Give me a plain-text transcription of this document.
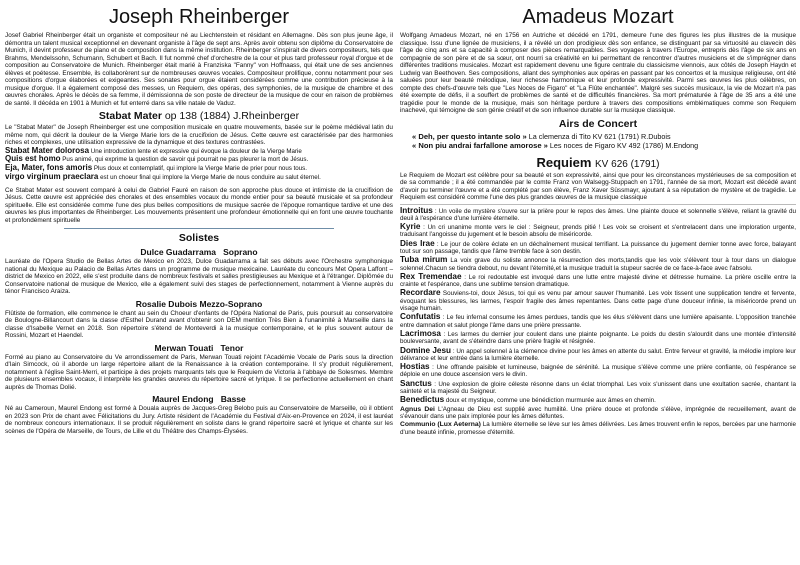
Joseph Rheinberger

Josef Gabriel Rheinberger était un organiste et compositeur né au Liechtenstein et résidant en Allemagne. Dès son plus jeune âge, il démontra un talent musical exceptionnel en devenant organiste à l'âge de sept ans. Après avoir obtenu son diplôme du Conservatoire de Munich, il devint professeur de piano et de composition dans la même institution. Rheinberger s'inspirait de divers compositeurs, tels que Brahms, Mendelssohn, Schumann, Schubert et Bach. Il fut nommé chef d'orchestre de la cour et plus tard professeur royal d'orgue et de composition au Conservatoire de Munich. Rheinberger était marié à Franziska "Fanny" von Hoffnaass, qui était une de ses anciennes élèves et poétesse. Ensemble, ils collaborèrent sur de nombreuses œuvres vocales. Compositeur prolifique, connu notamment pour ses compositions d'orgue élaborées et exigeantes. Ses sonates pour orgue étaient considérées comme une contribution précieuse à la musique d'orgue. Il a également composé des messes, un Requiem, des opéras, des symphonies, de la musique de chambre et des œuvres chorales. Après le décès de sa femme, il démissionna de son poste de directeur de la musique de cour en raison de problèmes de santé. Il décéda en 1901 à Munich et fut enterré dans sa ville natale de Vaduz.

Stabat Mater op 138 (1884) J.Rheinberger

Le "Stabat Mater" de Joseph Rheinberger est une composition musicale en quatre mouvements, basée sur le poème médiéval latin du même nom, qui décrit la douleur de la Vierge Marie lors de la crucifixion de Jésus. Cette œuvre est caractérisée par des harmonies riches et complexes, une utilisation expressive de la dynamique et des textures contrastées.

Stabat Mater dolorosa Une introduction lente et expressive qui évoque la douleur de la Vierge Marie

Quis est homo Pus animé, qui exprime la question de savoir qui pourrait ne pas pleurer la mort de Jésus.

Eja, Mater, fons amoris Plus doux et contemplatif, qui implore la Vierge Marie de prier pour nous tous.

virgo virginum praeclara est un choeur final qui implore la Vierge Marie de nous conduire au salut éternel.

Ce Stabat Mater est souvent comparé à celui de Gabriel Fauré en raison de son approche plus douce et intimiste de la crucifixion de Jésus. Cette œuvre est appréciée des chorales et des ensembles vocaux du monde entier pour sa beauté musicale et sa profondeur spirituelle. Elle est considérée comme l'une des plus belles compositions de musique sacrée de l'époque romantique tardive et une des œuvres les plus importantes de Rheinberger. Les mouvements présentent une profondeur émotionnelle qui en font une œuvre touchante et profondément spirituelle

Solistes
Dulce Guadarrama Soprano

Lauréate de l'Opera Studio de Bellas Artes de Mexico en 2023, Dulce Guadarrama a fait ses débuts avec l'Orchestre symphonique national du Mexique au Palacio de Bellas Artes dans un programme de musique mexicaine. Lauréate du concours Met Opera Laffont – district de Mexico en 2022, elle s'est produite dans de nombreux festivals et salles prestigieuses au Mexique et à l'étranger. Diplômée du Conservatoire national de musique de Mexico, elle a également suivi des stages de perfectionnement, notamment à Vienne auprès du ténor Francisco Araiza.

Rosalie Dubois Mezzo-Soprano

Flûtiste de formation, elle commence le chant au sein du Choeur d'enfants de l'Opéra National de Paris, puis poursuit au conservatoire de Boulogne-Billancourt dans la classe d'Esthel Durand avant d'obtenir son DEM mention Très Bien à l'unanimité à Marseille dans la classe d'Isabelle Vernet en 2018. Son répertoire s'étend de Monteverdi à la musique contemporaine, et le plus souvent autour de Rossini, Mozart et Haendel.

Merwan Touati Tenor

Formé au piano au Conservatoire du Ve arrondissement de Paris, Merwan Touati rejoint l'Académie Vocale de Paris sous la direction d'Iain Simcock, où il aborde un large répertoire allant de la Renaissance à la création contemporaine. Il s'y produit régulièrement, notamment à l'église Saint-Merri, et participe à des projets marquants tels que le Requiem de Victoria à l'abbaye de Solesmes. Membre de plusieurs ensembles vocaux, il interprète les grandes œuvres du répertoire sacré et lyrique. Il se perfectionne actuellement en chant auprès de Thomas Dolié.

Maurel Endong Basse

Né au Cameroun, Maurel Endong est formé à Douala auprès de Jacques-Greg Belobo puis au Conservatoire de Marseille, où il obtient en 2023 son Prix de chant avec Félicitations du Jury. Artiste résident de l'Académie du Festival d'Aix-en-Provence en 2024, il est lauréat de nombreux concours internationaux. Il se produit régulièrement en soliste dans le grand répertoire sacré et lyrique et chante sur les scènes de l'Opéra de Marseille, de Tours, de Lille et du Théâtre des Champs-Élysées.

Amadeus Mozart

Wolfgang Amadeus Mozart, né en 1756 en Autriche et décédé en 1791, demeure l'une des figures les plus illustres de la musique classique. Issu d'une lignée de musiciens, il a révélé un don prodigieux dès son enfance, se distinguant par sa virtuosité au clavecin dès l'âge de cinq ans et sa capacité à composer des pièces remarquables. Ses voyages à travers l'Europe, entrepris dès l'âge de six ans en compagnie de son père et de sa sœur, ont nourri sa créativité en lui permettant de rencontrer d'autres musiciens et de s'imprégner dans différentes traditions musicales. Mozart est rapidement devenu une figure centrale du classicisme viennois, aux côtés de Joseph Haydn et Ludwig van Beethoven. Ses compositions, allant des symphonies aux opéras en passant par les concertos et la musique religieuse, ont été saluées pour leur beauté mélodique, leur richesse harmonique et leur profonde expressivité. Parmi ses œuvres les plus célèbres, on compte des chefs-d'œuvre tels que "Les Noces de Figaro" et "La Flûte enchantée". Malgré ses succès musicaux, la vie de Mozart n'a pas été exempte de défis, il a souffert de problèmes de santé et de difficultés financières. Sa mort prématurée à l'âge de 35 ans a été une tragédie pour le monde de la musique, mais son héritage perdure à travers des compositions emblématiques comme son Requiem inachevé, qui témoigne de son génie créatif et de son influence durable sur la musique classique.

Airs de Concert

« Deh, per questo intante solo » La clemenza di Tito KV 621 (1791) R.Dubois

« Non piu andrai farfallone amorose » Les noces de Figaro KV 492 (1786) M.Endong

Requiem KV 626 (1791)

Le Requiem de Mozart est célèbre pour sa beauté et son expressivité, ainsi que pour les circonstances mystérieuses de sa composition et de sa commande ; il a été commandée par le comte Franz von Walsegg-Stuppach en 1791, l'année de sa mort, Mozart est décédé avant d'avoir pu terminer l'œuvre et a été complété par son élève, Franz Xaver Süssmayr, ajoutant à sa réputation de mystère et de tragédie. Le Requiem est considéré comme l'une des plus grandes œuvres de la musique classique

Introitus : Un voile de mystère s'ouvre sur la prière pour le repos des âmes. Une plainte douce et solennelle s'élève, reliant la gravité du deuil à l'espérance d'une lumière éternelle.

Kyrie : Un cri unanime monte vers le ciel : Seigneur, prends pitié ! Les voix se croisent et s'entrelacent dans une imploration urgente, traduisant l'angoisse du jugement et le besoin absolu de miséricorde.

Dies Irae : Le jour de colère éclate en un déchaînement musical terrifiant. La puissance du jugement dernier tonne avec force, balayant tout sur son passage, tandis que l'âme tremble face à son destin.

Tuba mirum La voix grave du soliste annonce la résurrection des morts,tandis que les voix s'élèvent tour à tour dans un dialogue solennel.Chacun se tiendra debout, nu devant l'éternité,et la musique traduit la stupeur sacrée de ce face-à-face avec l'absolu.

Rex Tremendae : Le roi redoutable est invoqué dans une lutte entre majesté divine et détresse humaine. La prière oscille entre la crainte et l'espérance, dans une sublime tension dramatique.

Recordare Souviens-toi, doux Jésus, toi qui es venu par amour sauver l'humanité. Les voix tissent une supplication tendre et fervente, évoquant les blessures, les larmes, l'espoir fragile des âmes repentantes. Dans cette page d'une douceur infinie, la miséricorde prend un visage humain.

Confutatis : Le feu infernal consume les âmes perdues, tandis que les élus s'élèvent dans une lumière apaisante. L'opposition tranchée entre damnation et salut plonge l'âme dans une prière pressante.

Lacrimosa : Les larmes du dernier jour coulent dans une plainte poignante. Le poids du destin s'alourdit dans une montée d'intensité bouleversante, avant de s'éteindre dans une prière fragile et résignée.

Domine Jesu : Un appel solennel à la clémence divine pour les âmes en attente du salut. Entre ferveur et gravité, la mélodie implore leur délivrance et leur entrée dans la lumière éternelle.

Hostias : Une offrande paisible et lumineuse, baignée de sérénité. La musique s'élève comme une prière confiante, où l'espérance se déploie en une douce ascension vers le divin.

Sanctus : Une explosion de gloire céleste résonne dans un éclat triomphal. Les voix s'unissent dans une exultation sacrée, chantant la sainteté et la majesté du Seigneur.

Benedictus doux et mystique, comme une bénédiction murmurée aux âmes en chemin.

Agnus Dei L'Agneau de Dieu est supplié avec humilité. Une prière douce et profonde s'élève, imprégnée de recueillement, avant de s'évanouir dans une paix implorée pour les âmes défuntes.

Communio (Lux Aeterna) La lumière éternelle se lève sur les âmes délivrées. Les âmes trouvent enfin le repos, bercées par une harmonie d'une beauté infinie, promesse d'éternité.
